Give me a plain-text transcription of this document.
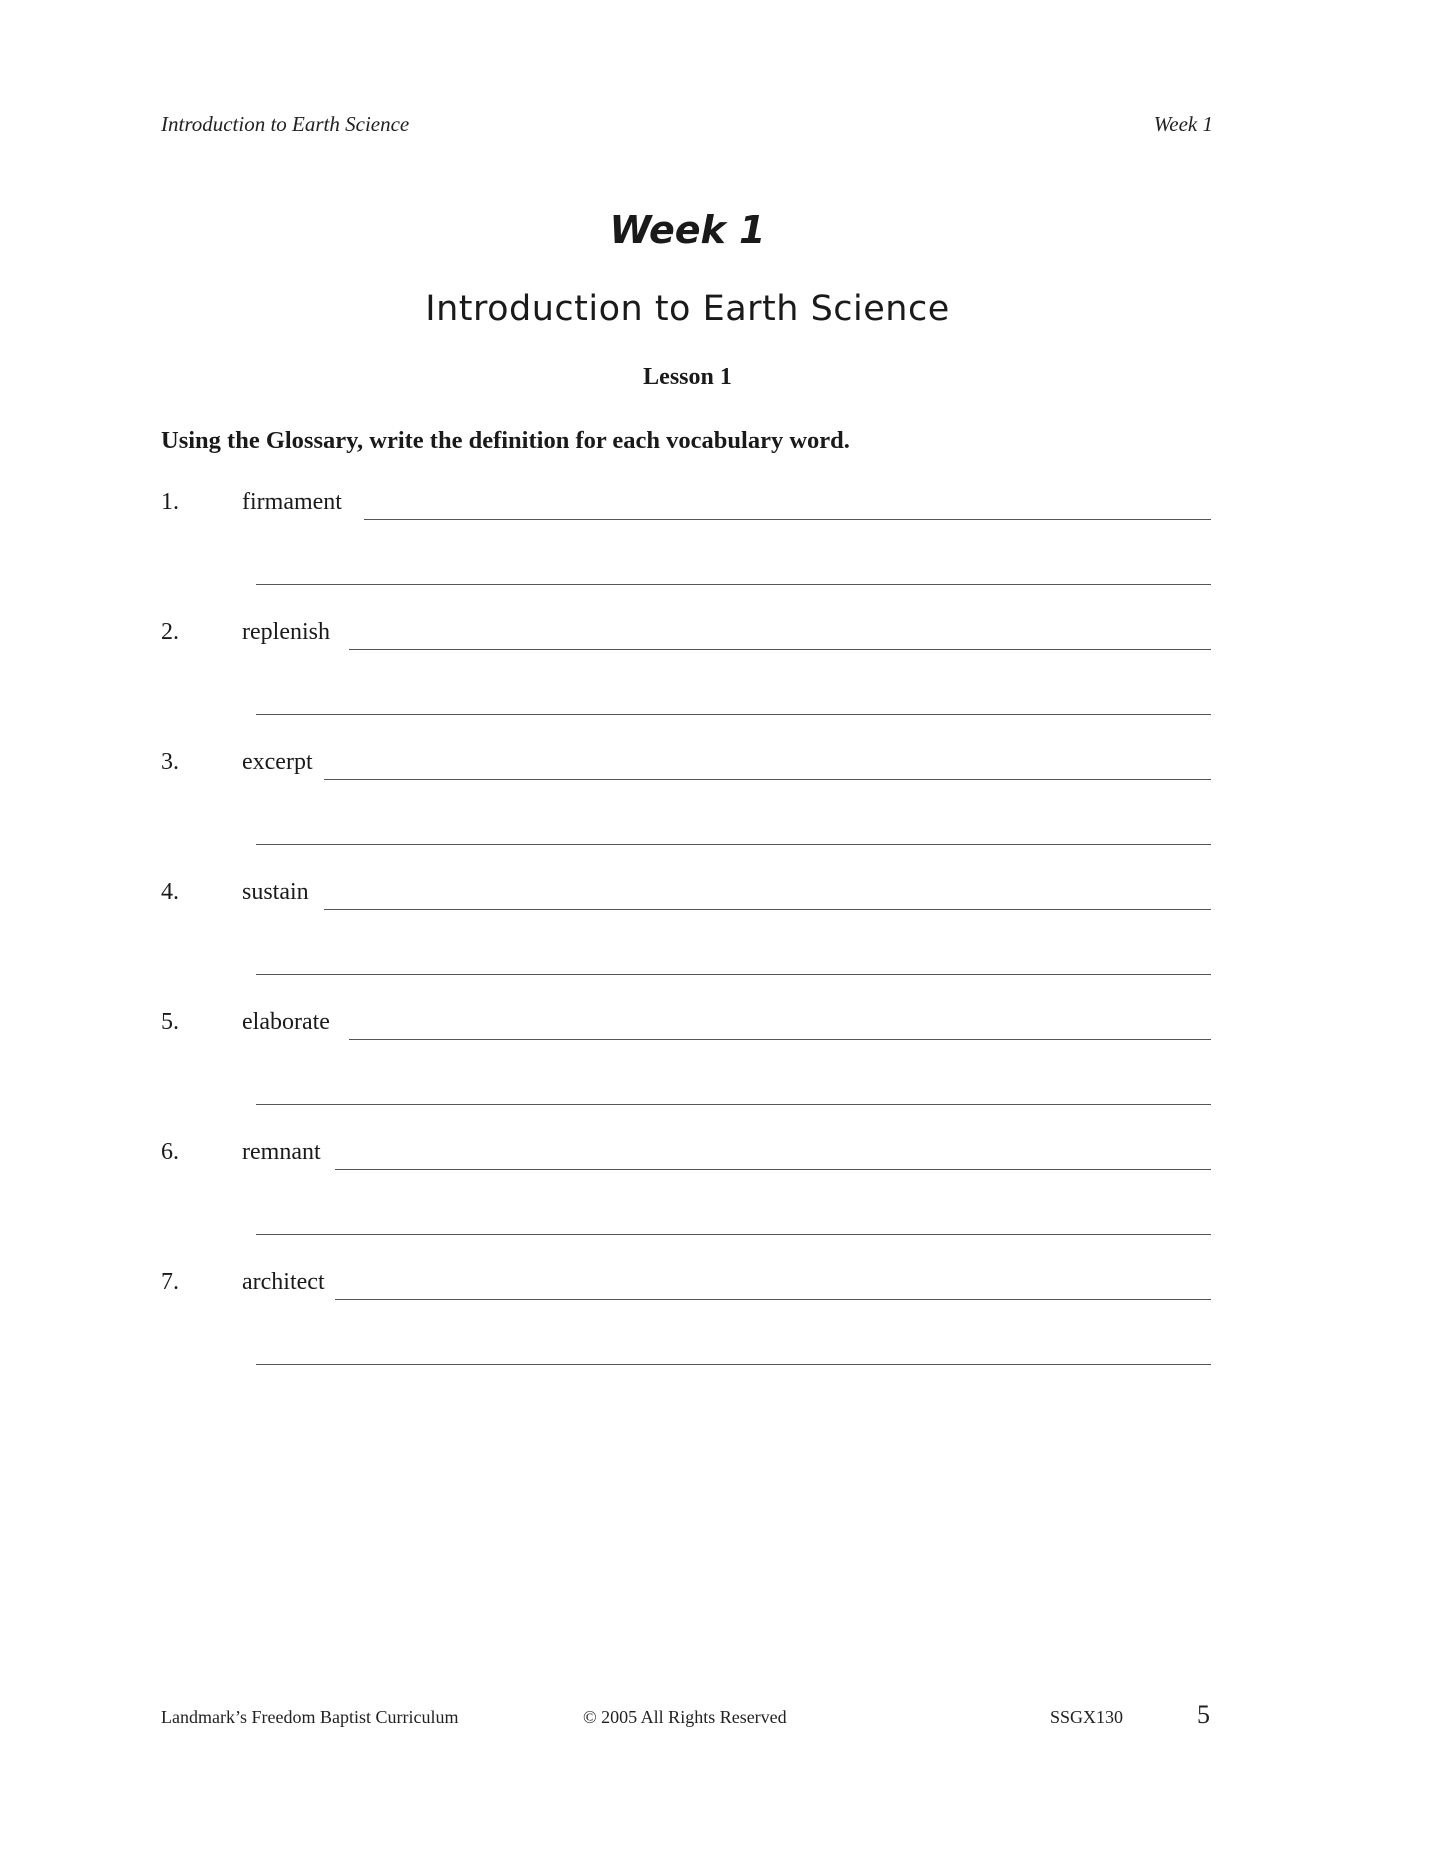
Introduction to Earth Science	Week 1
Week 1
Introduction to Earth Science
Lesson 1
Using the Glossary, write the definition for each vocabulary word.
1.	firmament
2.	replenish
3.	excerpt
4.	sustain
5.	elaborate
6.	remnant
7.	architect
Landmark’s Freedom Baptist Curriculum	© 2005 All Rights Reserved	SSGX130	5
